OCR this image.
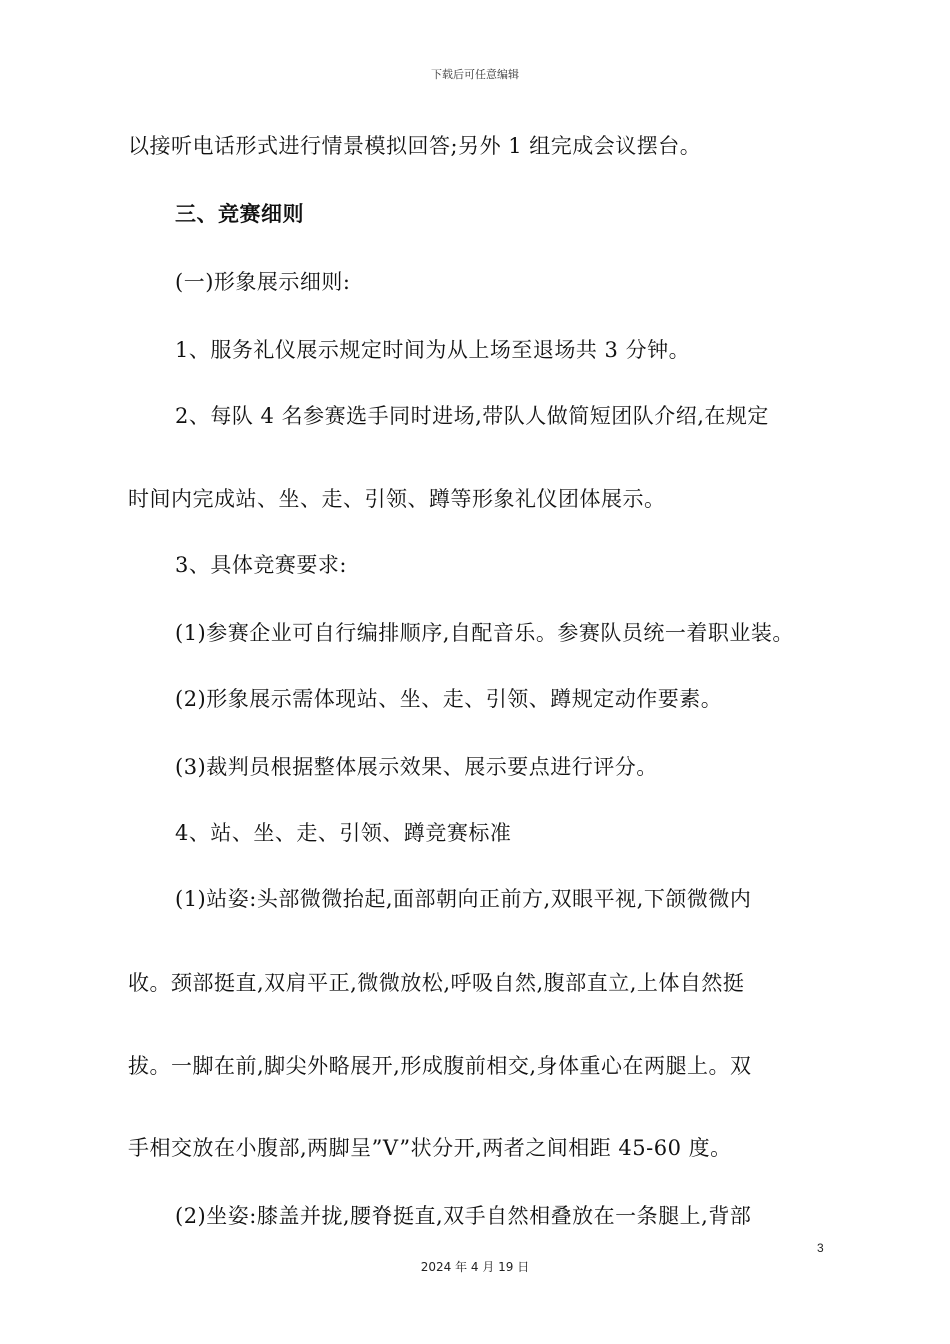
下载后可任意编辑
以接听电话形式进行情景模拟回答;另外 1 组完成会议摆台。
三、竞赛细则
(一)形象展示细则:
1、服务礼仪展示规定时间为从上场至退场共 3 分钟。
2、每队 4 名参赛选手同时进场,带队人做简短团队介绍,在规定
时间内完成站、坐、走、引领、蹲等形象礼仪团体展示。
3、具体竞赛要求:
(1)参赛企业可自行编排顺序,自配音乐。参赛队员统一着职业装。
(2)形象展示需体现站、坐、走、引领、蹲规定动作要素。
(3)裁判员根据整体展示效果、展示要点进行评分。
4、站、坐、走、引领、蹲竞赛标准
(1)站姿:头部微微抬起,面部朝向正前方,双眼平视,下颌微微内
收。颈部挺直,双肩平正,微微放松,呼吸自然,腹部直立,上体自然挺
拔。一脚在前,脚尖外略展开,形成腹前相交,身体重心在两腿上。双
手相交放在小腹部,两脚呈”V”状分开,两者之间相距 45-60 度。
(2)坐姿:膝盖并拢,腰脊挺直,双手自然相叠放在一条腿上,背部
3
2024 年 4 月 19 日
